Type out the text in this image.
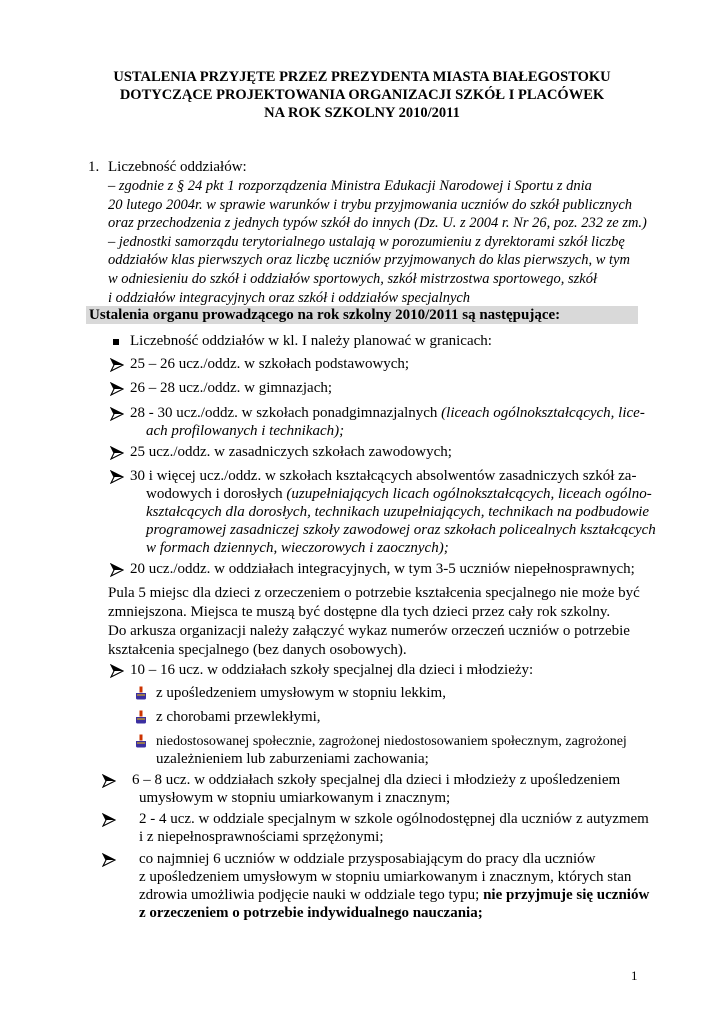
USTALENIA PRZYJĘTE PRZEZ PREZYDENTA MIASTA BIAŁEGOSTOKU
DOTYCZĄCE PROJEKTOWANIA ORGANIZACJI SZKÓŁ I PLACÓWEK
NA ROK SZKOLNY 2010/2011
1. Liczebność oddziałów:

– zgodnie z § 24 pkt 1 rozporządzenia Ministra Edukacji Narodowej i Sportu z dnia

20 lutego 2004r. w sprawie warunków i trybu przyjmowania uczniów do szkół publicznych

oraz przechodzenia z jednych typów szkół do innych (Dz. U. z 2004 r. Nr 26, poz. 232 ze zm.)

– jednostki samorządu terytorialnego ustalają w porozumieniu z dyrektorami szkół liczbę

oddziałów klas pierwszych oraz liczbę uczniów przyjmowanych do klas pierwszych, w tym

w odniesieniu do szkół i oddziałów sportowych, szkół mistrzostwa sportowego, szkół

i oddziałów integracyjnych oraz szkół i oddziałów specjalnych

Ustalenia organu prowadzącego na rok szkolny 2010/2011 są następujące:
Liczebność oddziałów w kl. I należy planować w granicach:
25 – 26 ucz./oddz. w szkołach podstawowych;
26 – 28 ucz./oddz. w gimnazjach;
28 - 30 ucz./oddz. w szkołach ponadgimnazjalnych (liceach ogólnokształcących, lice-
ach profilowanych i technikach);
25 ucz./oddz. w zasadniczych szkołach zawodowych;
30 i więcej ucz./oddz. w szkołach kształcących absolwentów zasadniczych szkół za-
wodowych i dorosłych (uzupełniających licach ogólnokształcących, liceach ogólno-
kształcących dla dorosłych, technikach uzupełniających, technikach na podbudowie
programowej zasadniczej szkoły zawodowej oraz szkołach policealnych kształcących
w formach dziennych, wieczorowych i zaocznych);
20 ucz./oddz. w oddziałach integracyjnych, w tym 3-5 uczniów niepełnosprawnych;

Pula 5 miejsc dla dzieci z orzeczeniem o potrzebie kształcenia specjalnego nie może być

zmniejszona. Miejsca te muszą być dostępne dla tych dzieci przez cały rok szkolny.

Do arkusza organizacji należy załączyć wykaz numerów orzeczeń uczniów o potrzebie

kształcenia specjalnego (bez danych osobowych).

10 – 16 ucz. w oddziałach szkoły specjalnej dla dzieci i młodzieży:
z upośledzeniem umysłowym w stopniu lekkim,
z chorobami przewlekłymi,
niedostosowanej społecznie, zagrożonej niedostosowaniem społecznym, zagrożonej
uzależnieniem lub zaburzeniami zachowania;
6 – 8 ucz. w oddziałach szkoły specjalnej dla dzieci i młodzieży z upośledzeniem
umysłowym w stopniu umiarkowanym i znacznym;
2 - 4 ucz. w oddziale specjalnym w szkole ogólnodostępnej dla uczniów z autyzmem
i z niepełnosprawnościami sprzężonymi;
co najmniej 6 uczniów w oddziale przysposabiającym do pracy dla uczniów
z upośledzeniem umysłowym w stopniu umiarkowanym i znacznym, których stan
zdrowia umożliwia podjęcie nauki w oddziale tego typu; nie przyjmuje się uczniów
z orzeczeniem o potrzebie indywidualnego nauczania;
1
